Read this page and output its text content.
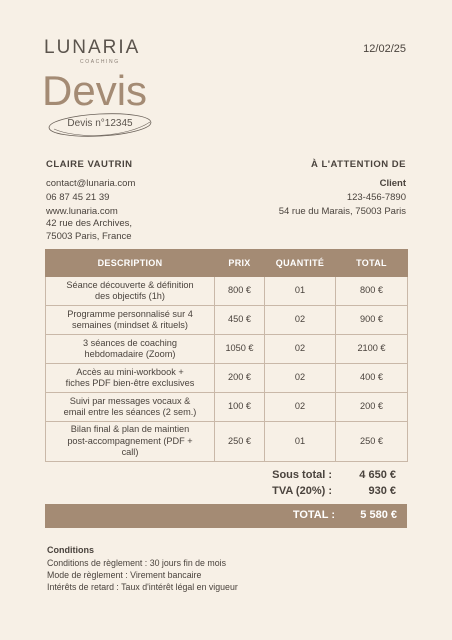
LUNARIA
COACHING
12/02/25
Devis
Devis n°12345
CLAIRE VAUTRIN
contact@lunaria.com
06 87 45 21 39
www.lunaria.com
42 rue des Archives,
75003 Paris, France
À L'ATTENTION DE
Client
123-456-7890
54 rue du Marais, 75003 Paris
DESCRIPTION	PRIX	QUANTITÉ	TOTAL
Séance découverte & définition
des objectifs (1h)	800 €	01	800 €
Programme personnalisé sur 4
semaines (mindset & rituels)	450 €	02	900 €
3 séances de coaching
hebdomadaire (Zoom)	1050 €	02	2100 €
Accès au mini-workbook +
fiches PDF bien-être exclusives	200 €	02	400 €
Suivi par messages vocaux &
email entre les séances (2 sem.)	100 €	02	200 €
Bilan final & plan de maintien
post-accompagnement (PDF +
call)	250 €	01	250 €
Sous total : 4 650 €
TVA (20%) :	930 €
TOTAL : 5 580 €
Conditions
Conditions de règlement : 30 jours fin de mois
Mode de règlement : Virement bancaire
Intérêts de retard : Taux d'intérêt légal en vigueur
